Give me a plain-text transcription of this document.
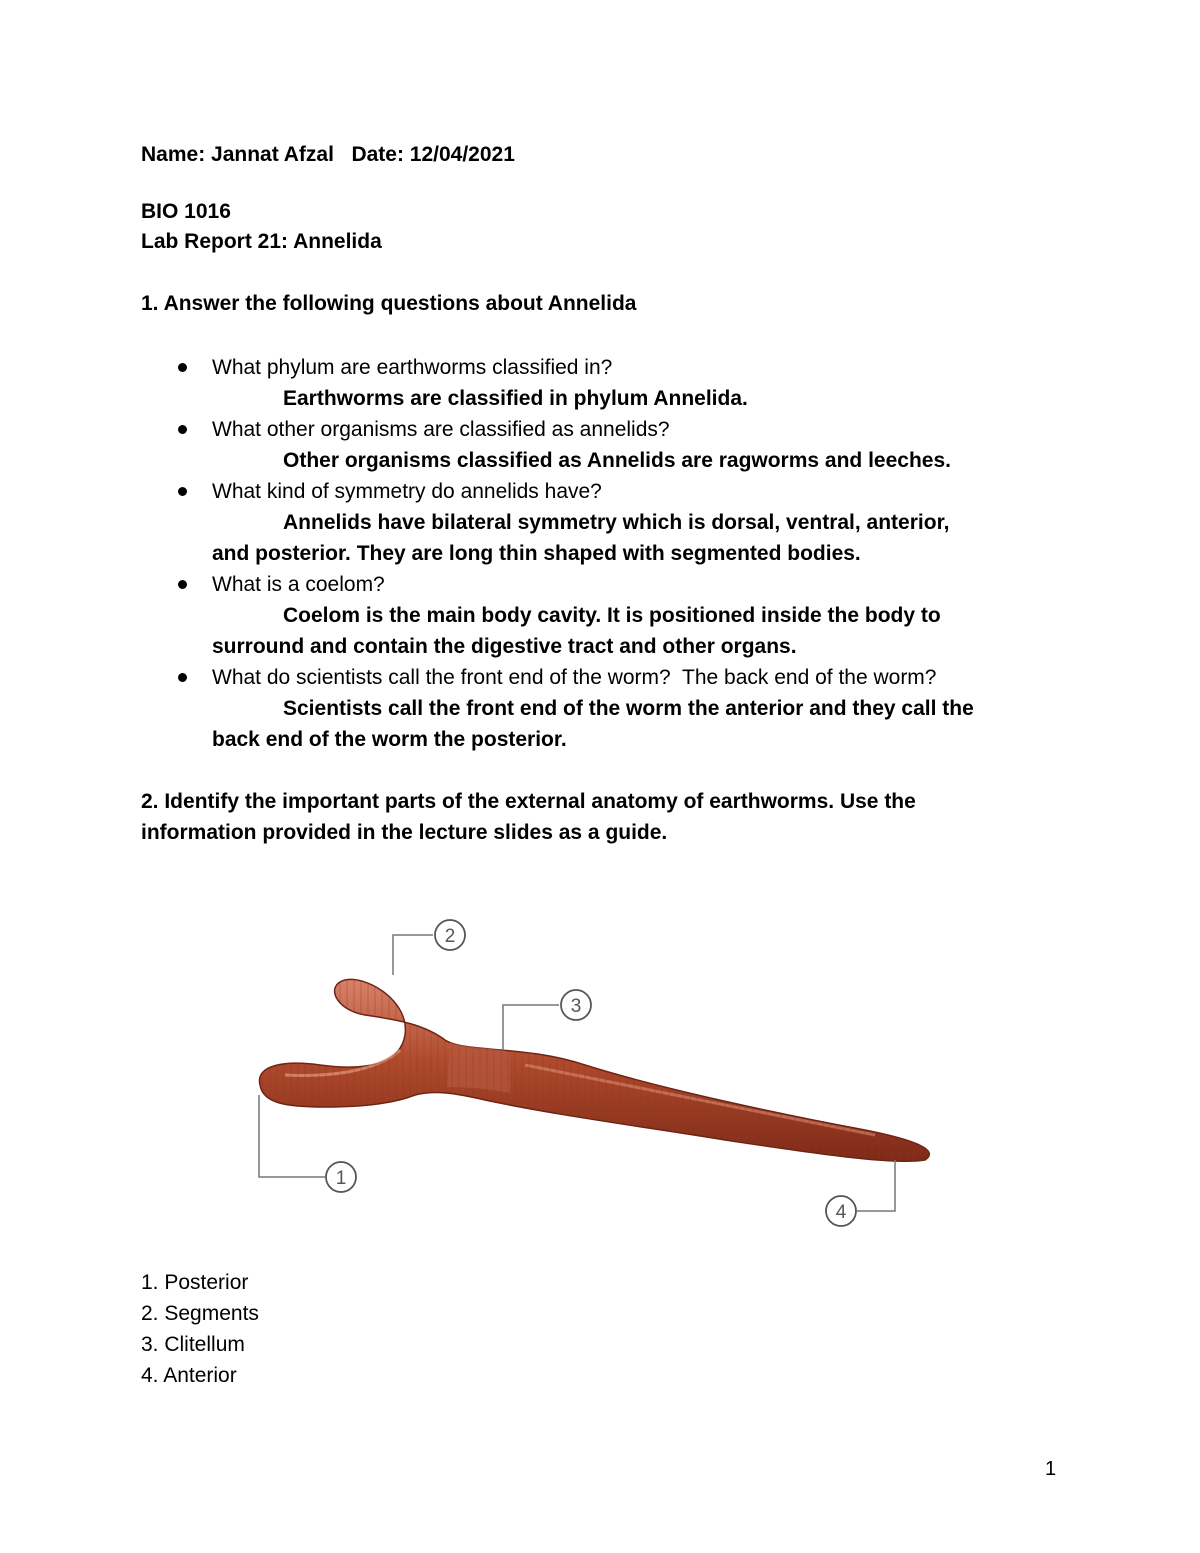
Name: Jannat Afzal   Date: 12/04/2021
BIO 1016
Lab Report 21: Annelida
1. Answer the following questions about Annelida
What phylum are earthworms classified in?
Earthworms are classified in phylum Annelida.
What other organisms are classified as annelids?
Other organisms classified as Annelids are ragworms and leeches.
What kind of symmetry do annelids have?
Annelids have bilateral symmetry which is dorsal, ventral, anterior,
and posterior. They are long thin shaped with segmented bodies.
What is a coelom?
Coelom is the main body cavity. It is positioned inside the body to
surround and contain the digestive tract and other organs.
What do scientists call the front end of the worm?  The back end of the worm?
Scientists call the front end of the worm the anterior and they call the
back end of the worm the posterior.
2. Identify the important parts of the external anatomy of earthworms. Use the
information provided in the lecture slides as a guide.
1
2
3
4
1. Posterior
2. Segments
3. Clitellum
4. Anterior
1
